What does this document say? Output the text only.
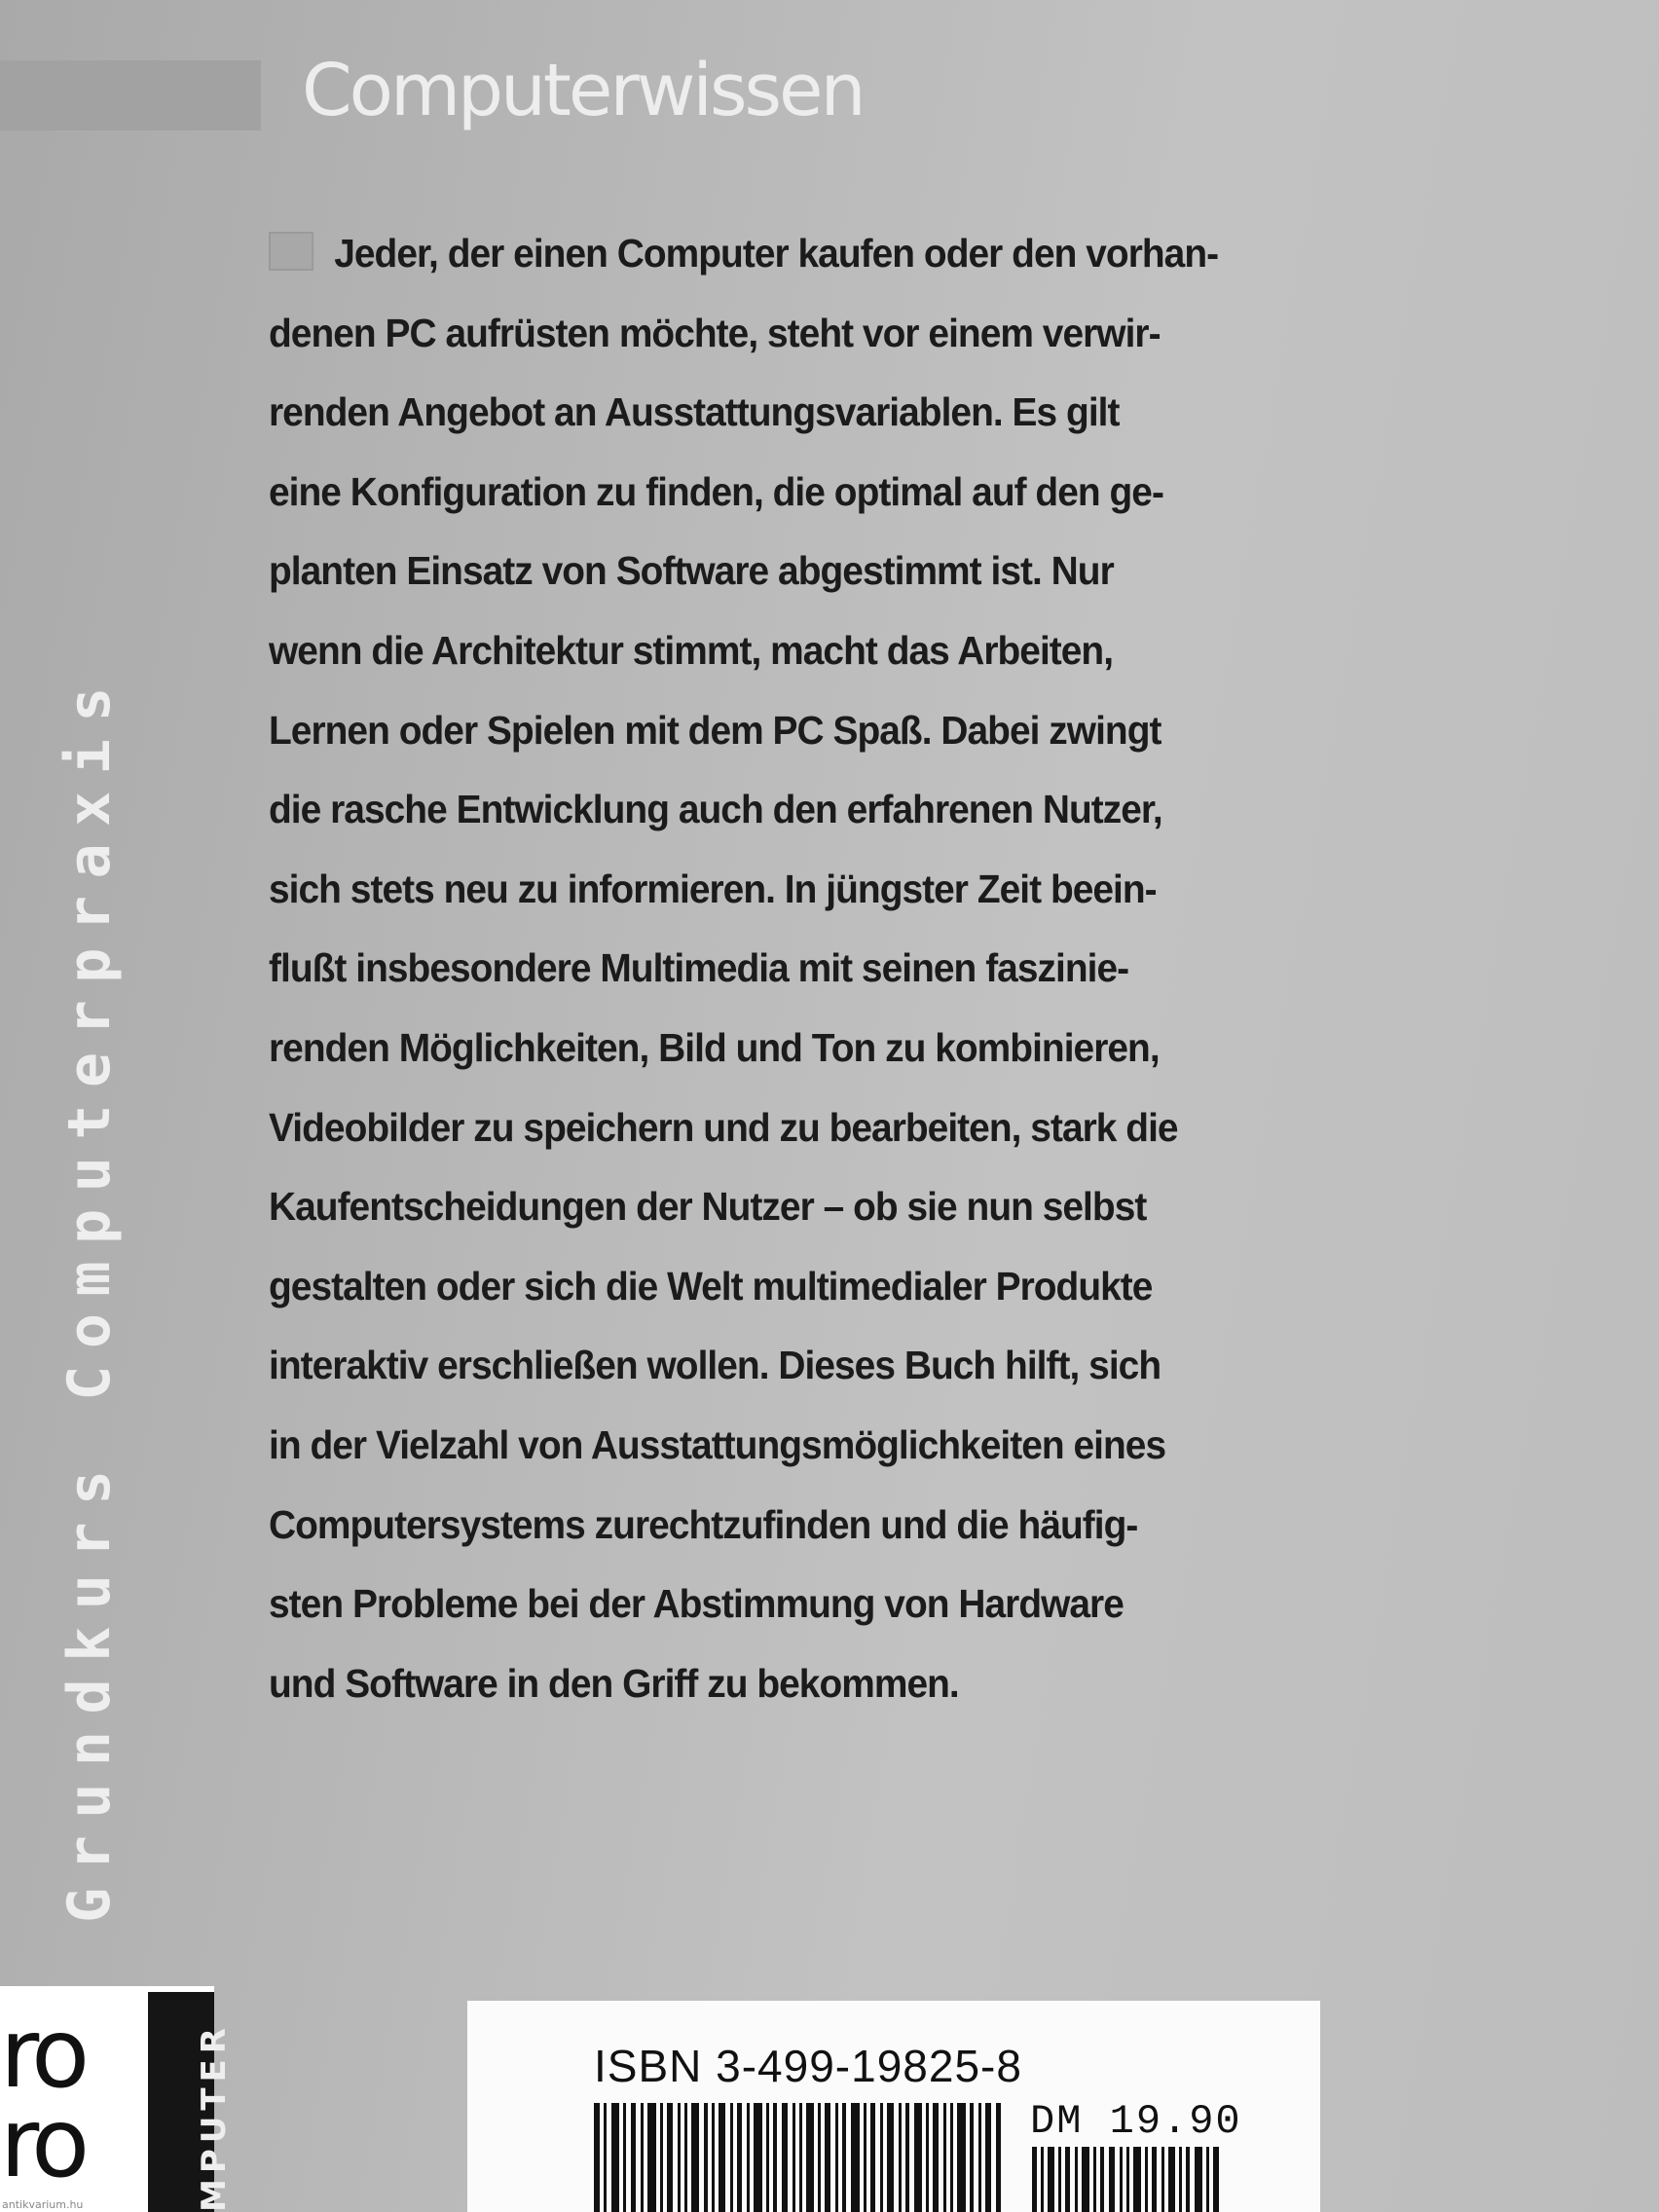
Computerwissen
Grundkurs Computerpraxis
Jeder, der einen Computer kaufen oder den vorhan-
denen PC aufrüsten möchte, steht vor einem verwir-
renden Angebot an Ausstattungsvariablen. Es gilt
eine Konfiguration zu finden, die optimal auf den ge-
planten Einsatz von Software abgestimmt ist. Nur
wenn die Architektur stimmt, macht das Arbeiten,
Lernen oder Spielen mit dem PC Spaß. Dabei zwingt
die rasche Entwicklung auch den erfahrenen Nutzer,
sich stets neu zu informieren. In jüngster Zeit beein-
flußt insbesondere Multimedia mit seinen faszinie-
renden Möglichkeiten, Bild und Ton zu kombinieren,
Videobilder zu speichern und zu bearbeiten, stark die
Kaufentscheidungen der Nutzer – ob sie nun selbst
gestalten oder sich die Welt multimedialer Produkte
interaktiv erschließen wollen. Dieses Buch hilft, sich
in der Vielzahl von Ausstattungsmöglichkeiten eines
Computersystems zurechtzufinden und die häufig-
sten Probleme bei der Abstimmung von Hardware
und Software in den Griff zu bekommen.
ro
ro	MPUTER	ISBN 3-499-19825-8
DM 19.90
antikvarium.hu
